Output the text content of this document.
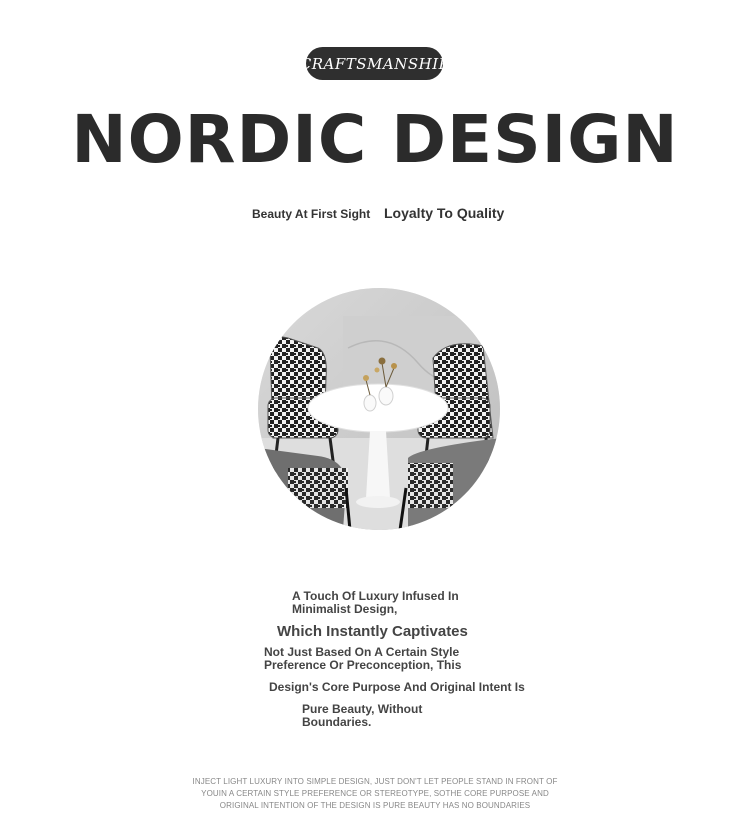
CRAFTSMANSHIP
NORDIC DESIGN
Beauty At First Sight Loyalty To Quality
A Touch Of Luxury Infused In
Minimalist Design,
Which Instantly Captivates
Not Just Based On A Certain Style
Preference Or Preconception, This
Design's Core Purpose And Original Intent Is
Pure Beauty, Without
Boundaries.
INJECT LIGHT LUXURY INTO SIMPLE DESIGN, JUST DON'T LET PEOPLE STAND IN FRONT OF
YOUIN A CERTAIN STYLE PREFERENCE OR STEREOTYPE, SOTHE CORE PURPOSE AND
ORIGINAL INTENTION OF THE DESIGN IS PURE BEAUTY HAS NO BOUNDARIES
